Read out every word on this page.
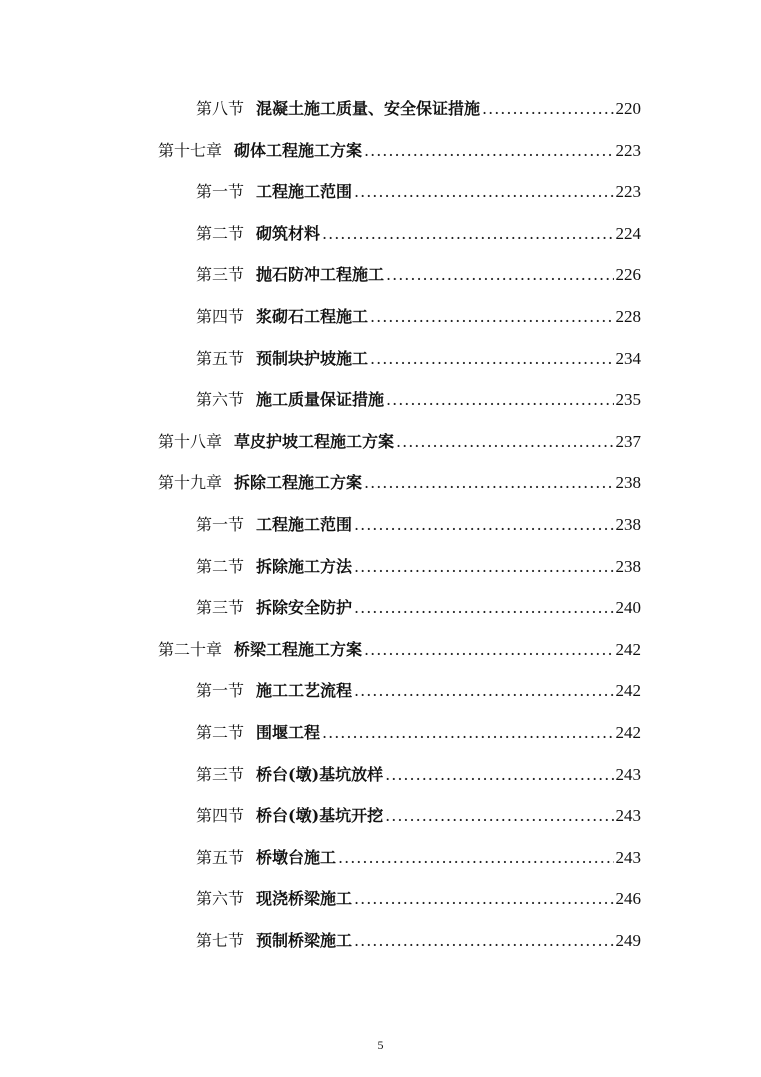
第八节 混凝土施工质量、安全保证措施 .....	220
第十七章 砌体工程施工方案 .....	223
第一节 工程施工范围 .....	223
第二节 砌筑材料 .....	224
第三节 抛石防冲工程施工 .....	226
第四节 浆砌石工程施工 .....	228
第五节 预制块护坡施工 .....	234
第六节 施工质量保证措施 .....	235
第十八章 草皮护坡工程施工方案 .....	237
第十九章 拆除工程施工方案 .....	238
第一节 工程施工范围 .....	238
第二节 拆除施工方法 .....	238
第三节 拆除安全防护 .....	240
第二十章 桥梁工程施工方案 .....	242
第一节 施工工艺流程 .....	242
第二节 围堰工程 .....	242
第三节 桥台(墩)基坑放样 .....	243
第四节 桥台(墩)基坑开挖 .....	243
第五节 桥墩台施工 .....	243
第六节 现浇桥梁施工 .....	246
第七节 预制桥梁施工 .....	249
5
